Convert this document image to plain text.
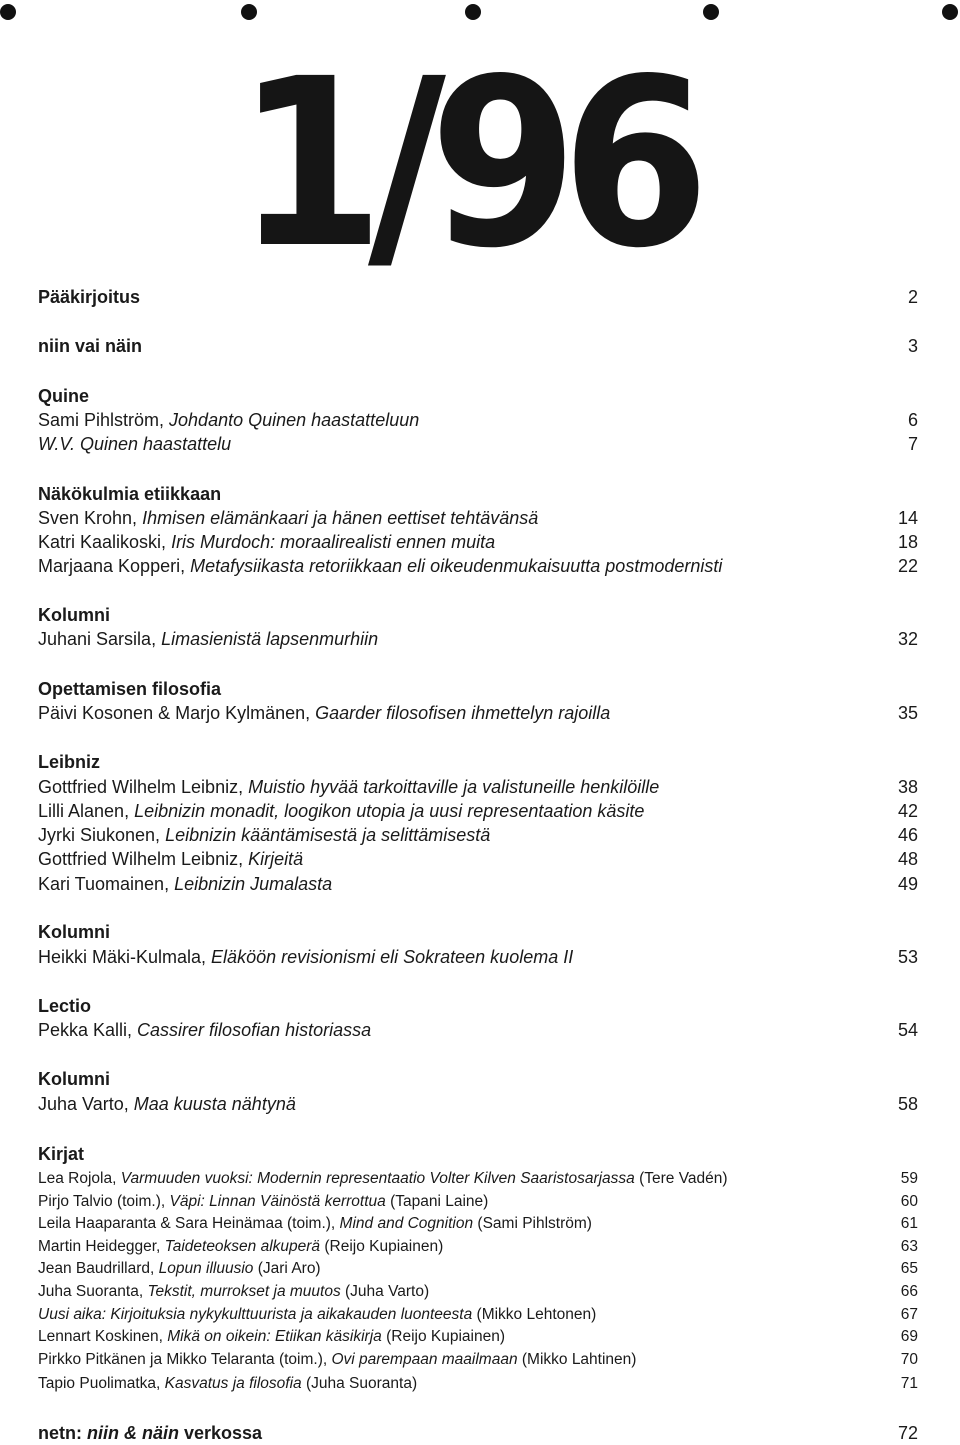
1/96
Pääkirjoitus	2
niin vai näin	3
Quine
Sami Pihlström, Johdanto Quinen haastatteluun	6
W.V. Quinen haastattelu	7
Näkökulmia etiikkaan
Sven Krohn, Ihmisen elämänkaari ja hänen eettiset tehtävänsä	14
Katri Kaalikoski, Iris Murdoch: moraalirealisti ennen muita	18
Marjaana Kopperi, Metafysiikasta retoriikkaan eli oikeudenmukaisuutta postmodernisti	22
Kolumni
Juhani Sarsila, Limasienistä lapsenmurhiin	32
Opettamisen filosofia
Päivi Kosonen & Marjo Kylmänen, Gaarder filosofisen ihmettelyn rajoilla	35
Leibniz
Gottfried Wilhelm Leibniz, Muistio hyvää tarkoittaville ja valistuneille henkilöille	38
Lilli Alanen, Leibnizin monadit, loogikon utopia ja uusi representaation käsite	42
Jyrki Siukonen, Leibnizin kääntämisestä ja selittämisestä	46
Gottfried Wilhelm Leibniz, Kirjeitä	48
Kari Tuomainen, Leibnizin Jumalasta	49
Kolumni
Heikki Mäki-Kulmala, Eläköön revisionismi eli Sokrateen kuolema II	53
Lectio
Pekka Kalli, Cassirer filosofian historiassa	54
Kolumni
Juha Varto, Maa kuusta nähtynä	58
Kirjat
Lea Rojola, Varmuuden vuoksi: Modernin representaatio Volter Kilven Saaristosarjassa (Tere Vadén)	59
Pirjo Talvio (toim.), Väpi: Linnan Väinöstä kerrottua (Tapani Laine)	60
Leila Haaparanta & Sara Heinämaa (toim.), Mind and Cognition (Sami Pihlström)	61
Martin Heidegger, Taideteoksen alkuperä (Reijo Kupiainen)	63
Jean Baudrillard, Lopun illuusio (Jari Aro)	65
Juha Suoranta, Tekstit, murrokset ja muutos (Juha Varto)	66
Uusi aika: Kirjoituksia nykykulttuurista ja aikakauden luonteesta (Mikko Lehtonen)	67
Lennart Koskinen, Mikä on oikein: Etiikan käsikirja (Reijo Kupiainen)	69
Pirkko Pitkänen ja Mikko Telaranta (toim.), Ovi parempaan maailmaan (Mikko Lahtinen)	70
Tapio Puolimatka, Kasvatus ja filosofia (Juha Suoranta)	71
netn: niin & näin verkossa	72
